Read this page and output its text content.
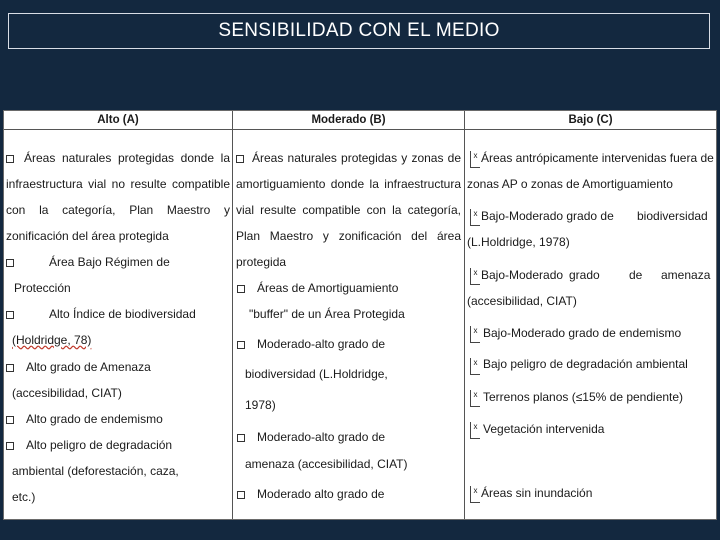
SENSIBILIDAD CON EL MEDIO
Alto (A)
Áreas naturales protegidas donde la
infraestructura vial no resulte compatible
con la categoría, Plan Maestro y
zonificación del área protegida
Área Bajo Régimen de
Protección
Alto Índice de biodiversidad
(Holdridge, 78)
Alto grado de Amenaza
(accesibilidad, CIAT)
Alto grado de endemismo
Alto peligro de degradación
ambiental (deforestación, caza,
etc.)
Moderado (B)
Áreas naturales protegidas y zonas de
amortiguamiento donde la infraestructura
vial resulte compatible con la categoría,
Plan Maestro y zonificación del área
protegida
Áreas de Amortiguamiento
"buffer" de un Área Protegida
Moderado-alto grado de
biodiversidad (L.Holdridge,
1978)
Moderado-alto grado de
amenaza (accesibilidad, CIAT)
Moderado alto grado de
Bajo (C)
x Áreas antrópicamente intervenidas fuera de
zonas AP o zonas de Amortiguamiento
x Bajo-Moderado grado de biodiversidad
(L.Holdridge, 1978)
x Bajo-Moderado grado de amenaza
(accesibilidad, CIAT)
x Bajo-Moderado grado de endemismo
x Bajo peligro de degradación ambiental
x Terrenos planos (≤15% de pendiente)
x Vegetación intervenida
x Áreas sin inundación
